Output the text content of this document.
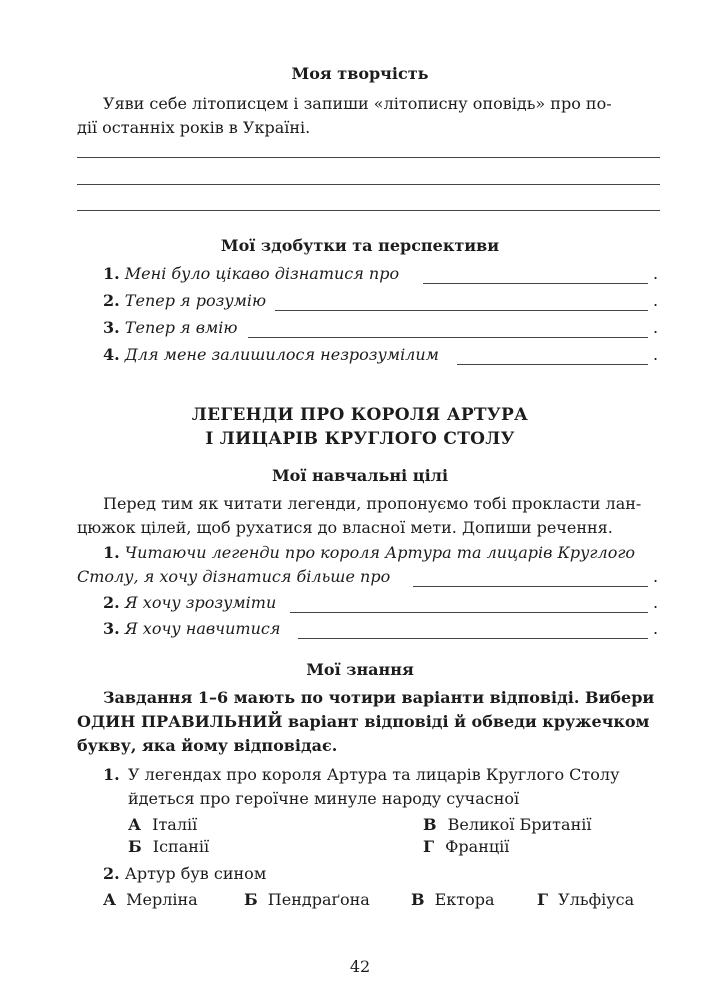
Моя творчість
Уяви себе літописцем і запиши «літописну оповідь» про по-
дії останніх років в Україні.
Мої здобутки та перспективи
1. Мені було цікаво дізнатися про	.
2. Тепер я розумію	.
3. Тепер я вмію	.
4. Для мене залишилося незрозумілим	.
ЛЕГЕНДИ ПРО КОРОЛЯ АРТУРА
І ЛИЦАРІВ КРУГЛОГО СТОЛУ
Мої навчальні цілі
Перед тим як читати легенди, пропонуємо тобі прокласти лан-
цюжок цілей, щоб рухатися до власної мети. Допиши речення.
1. Читаючи легенди про короля Артура та лицарів Круглого
Столу, я хочу дізнатися більше про	.
2. Я хочу зрозуміти	.
3. Я хочу навчитися	.
Мої знання
Завдання 1–6 мають по чотири варіанти відповіді. Вибери
ОДИН ПРАВИЛЬНИЙ варіант відповіді й обведи кружечком
букву, яка йому відповідає.
1. У легендах про короля Артура та лицарів Круглого Столу
йдеться про героїчне минуле народу сучасної
А Італії	В Великої Британії
Б Іспанії	Г Франції
2. Артур був сином
А Мерліна	Б Пендраґона	В Ектора	Г Ульфіуса
42
